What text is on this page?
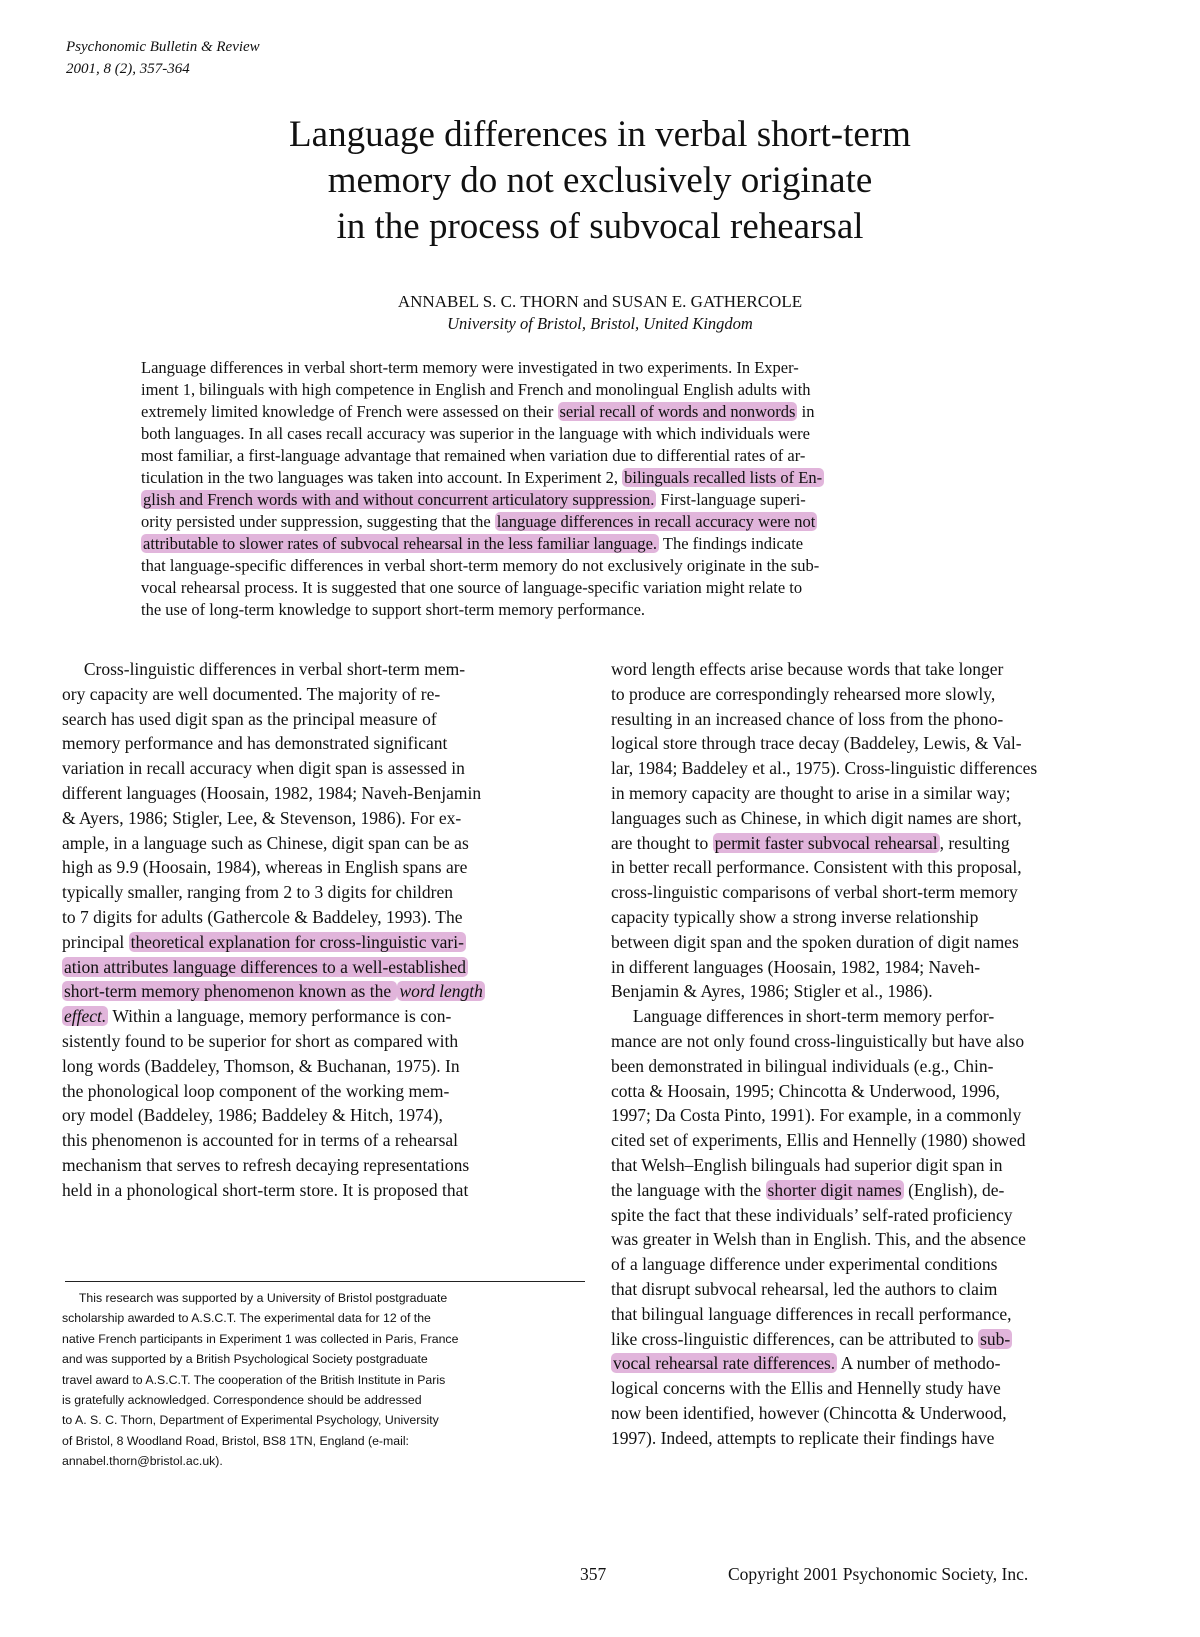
Psychonomic Bulletin & Review
2001, 8 (2), 357-364
Language differences in verbal short-term
memory do not exclusively originate
in the process of subvocal rehearsal
ANNABEL S. C. THORN and SUSAN E. GATHERCOLE
University of Bristol, Bristol, United Kingdom
Language differences in verbal short-term memory were investigated in two experiments. In Exper-
iment 1, bilinguals with high competence in English and French and monolingual English adults with
extremely limited knowledge of French were assessed on their serial recall of words and nonwords in
both languages. In all cases recall accuracy was superior in the language with which individuals were
most familiar, a first-language advantage that remained when variation due to differential rates of ar-
ticulation in the two languages was taken into account. In Experiment 2, bilinguals recalled lists of En-
glish and French words with and without concurrent articulatory suppression. First-language superi-
ority persisted under suppression, suggesting that the language differences in recall accuracy were not
attributable to slower rates of subvocal rehearsal in the less familiar language. The findings indicate
that language-specific differences in verbal short-term memory do not exclusively originate in the sub-
vocal rehearsal process. It is suggested that one source of language-specific variation might relate to
the use of long-term knowledge to support short-term memory performance.
Cross-linguistic differences in verbal short-term mem-
ory capacity are well documented. The majority of re-
search has used digit span as the principal measure of
memory performance and has demonstrated significant
variation in recall accuracy when digit span is assessed in
different languages (Hoosain, 1982, 1984; Naveh-Benjamin
& Ayers, 1986; Stigler, Lee, & Stevenson, 1986). For ex-
ample, in a language such as Chinese, digit span can be as
high as 9.9 (Hoosain, 1984), whereas in English spans are
typically smaller, ranging from 2 to 3 digits for children
to 7 digits for adults (Gathercole & Baddeley, 1993). The
principal theoretical explanation for cross-linguistic vari-
ation attributes language differences to a well-established
short-term memory phenomenon known as the word length
effect. Within a language, memory performance is con-
sistently found to be superior for short as compared with
long words (Baddeley, Thomson, & Buchanan, 1975). In
the phonological loop component of the working mem-
ory model (Baddeley, 1986; Baddeley & Hitch, 1974),
this phenomenon is accounted for in terms of a rehearsal
mechanism that serves to refresh decaying representations
held in a phonological short-term store. It is proposed that
word length effects arise because words that take longer
to produce are correspondingly rehearsed more slowly,
resulting in an increased chance of loss from the phono-
logical store through trace decay (Baddeley, Lewis, & Val-
lar, 1984; Baddeley et al., 1975). Cross-linguistic differences
in memory capacity are thought to arise in a similar way;
languages such as Chinese, in which digit names are short,
are thought to permit faster subvocal rehearsal , resulting
in better recall performance. Consistent with this proposal,
cross-linguistic comparisons of verbal short-term memory
capacity typically show a strong inverse relationship
between digit span and the spoken duration of digit names
in different languages (Hoosain, 1982, 1984; Naveh-
Benjamin & Ayres, 1986; Stigler et al., 1986).
Language differences in short-term memory perfor-
mance are not only found cross-linguistically but have also
been demonstrated in bilingual individuals (e.g., Chin-
cotta & Hoosain, 1995; Chincotta & Underwood, 1996,
1997; Da Costa Pinto, 1991). For example, in a commonly
cited set of experiments, Ellis and Hennelly (1980) showed
that Welsh–English bilinguals had superior digit span in
the language with the shorter digit names (English), de-
spite the fact that these individuals’ self-rated proficiency
was greater in Welsh than in English. This, and the absence
of a language difference under experimental conditions
that disrupt subvocal rehearsal, led the authors to claim
that bilingual language differences in recall performance,
like cross-linguistic differences, can be attributed to sub-
vocal rehearsal rate differences. A number of methodo-
logical concerns with the Ellis and Hennelly study have
now been identified, however (Chincotta & Underwood,
1997). Indeed, attempts to replicate their findings have
This research was supported by a University of Bristol postgraduate
scholarship awarded to A.S.C.T. The experimental data for 12 of the
native French participants in Experiment 1 was collected in Paris, France
and was supported by a British Psychological Society postgraduate
travel award to A.S.C.T. The cooperation of the British Institute in Paris
is gratefully acknowledged. Correspondence should be addressed
to A. S. C. Thorn, Department of Experimental Psychology, University
of Bristol, 8 Woodland Road, Bristol, BS8 1TN, England (e-mail:
annabel.thorn@bristol.ac.uk).
357	Copyright 2001 Psychonomic Society, Inc.
